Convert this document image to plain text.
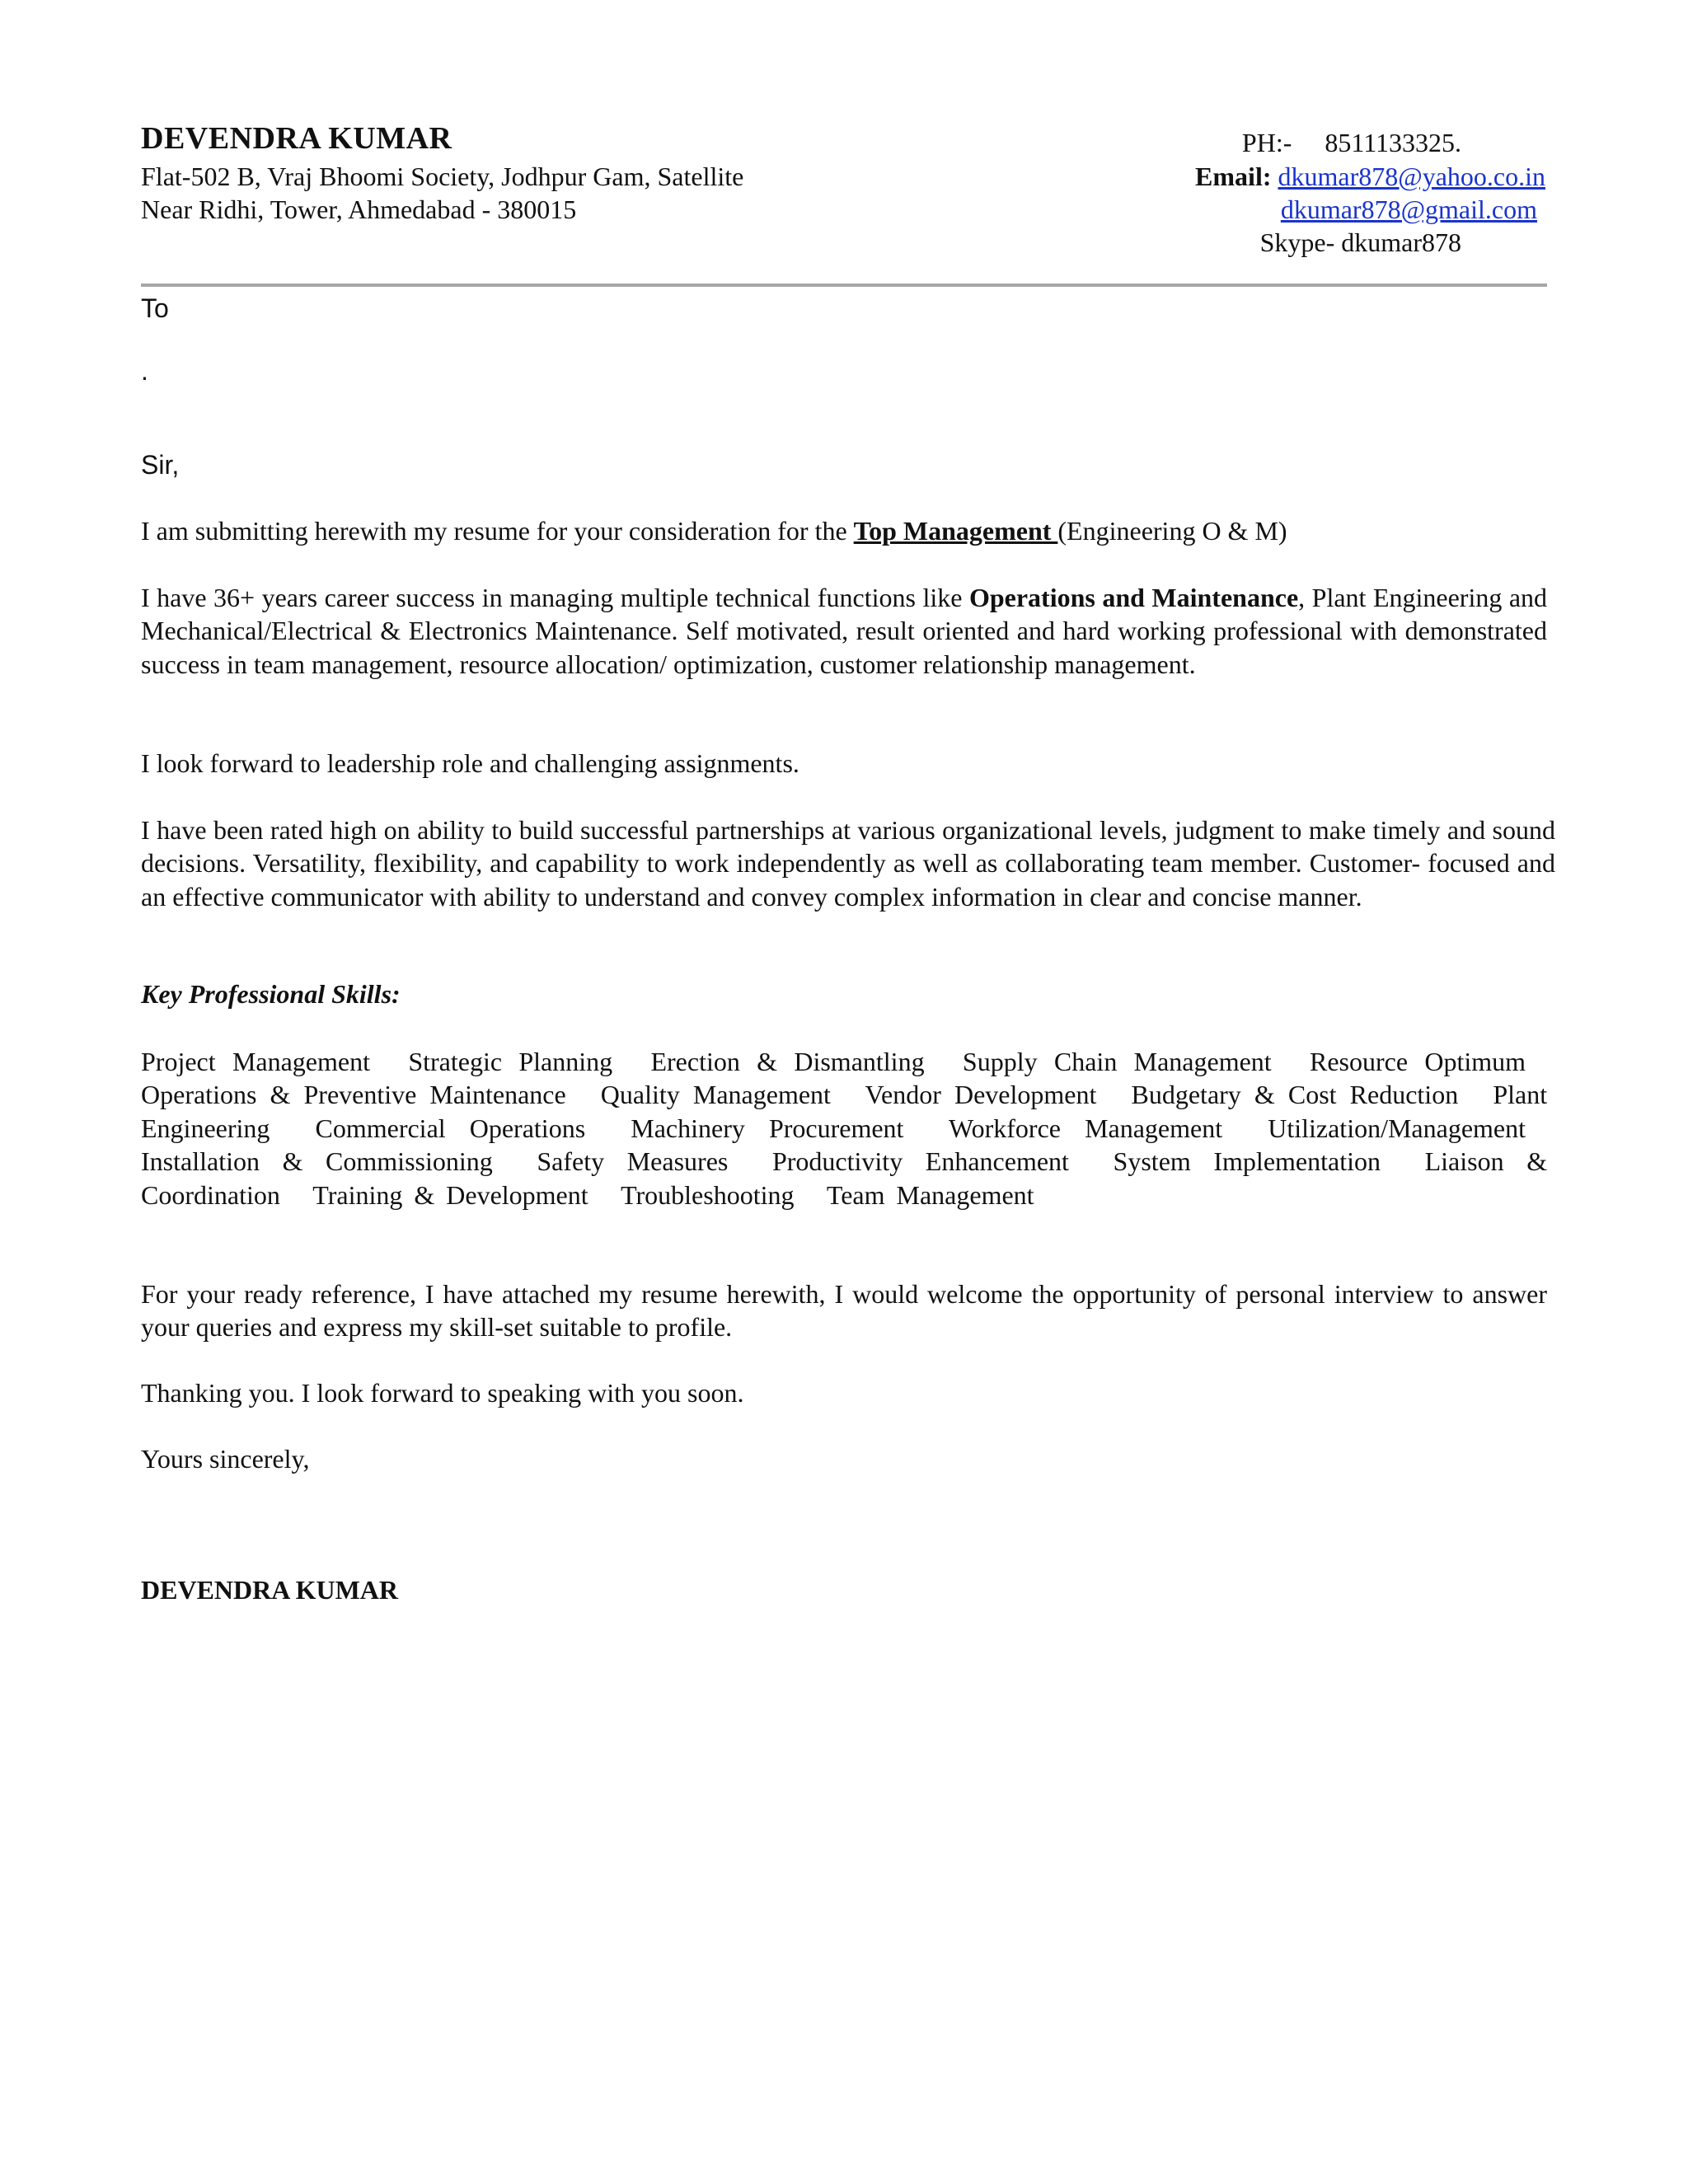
DEVENDRA KUMAR
Flat-502 B, Vraj Bhoomi Society, Jodhpur Gam, Satellite
Near Ridhi, Tower, Ahmedabad - 380015
PH:- 8511133325.
Email: dkumar878@yahoo.co.in
dkumar878@gmail.com
Skype- dkumar878
To
.
Sir,

I am submitting herewith my resume for your consideration for the Top Management (Engineering O & M)

I have 36+ years career success in managing multiple technical functions like Operations and Maintenance, Plant Engineering and Mechanical/Electrical & Electronics Maintenance. Self motivated, result oriented and hard working professional with demonstrated success in team management, resource allocation/ optimization, customer relationship management.

I look forward to leadership role and challenging assignments.

I have been rated high on ability to build successful partnerships at various organizational levels, judgment to make timely and sound decisions. Versatility, flexibility, and capability to work independently as well as collaborating team member. Customer- focused and an effective communicator with ability to understand and convey complex information in clear and concise manner.

Key Professional Skills:

Project Management Strategic Planning Erection & Dismantling Supply Chain Management Resource Optimum Operations & Preventive Maintenance Quality Management Vendor Development Budgetary & Cost Reduction Plant Engineering Commercial Operations Machinery Procurement Workforce Management Utilization/Management Installation & Commissioning Safety Measures Productivity Enhancement System Implementation Liaison & Coordination Training & Development Troubleshooting Team Management

For your ready reference, I have attached my resume herewith, I would welcome the opportunity of personal interview to answer your queries and express my skill-set suitable to profile.

Thanking you. I look forward to speaking with you soon.

Yours sincerely,

DEVENDRA KUMAR
